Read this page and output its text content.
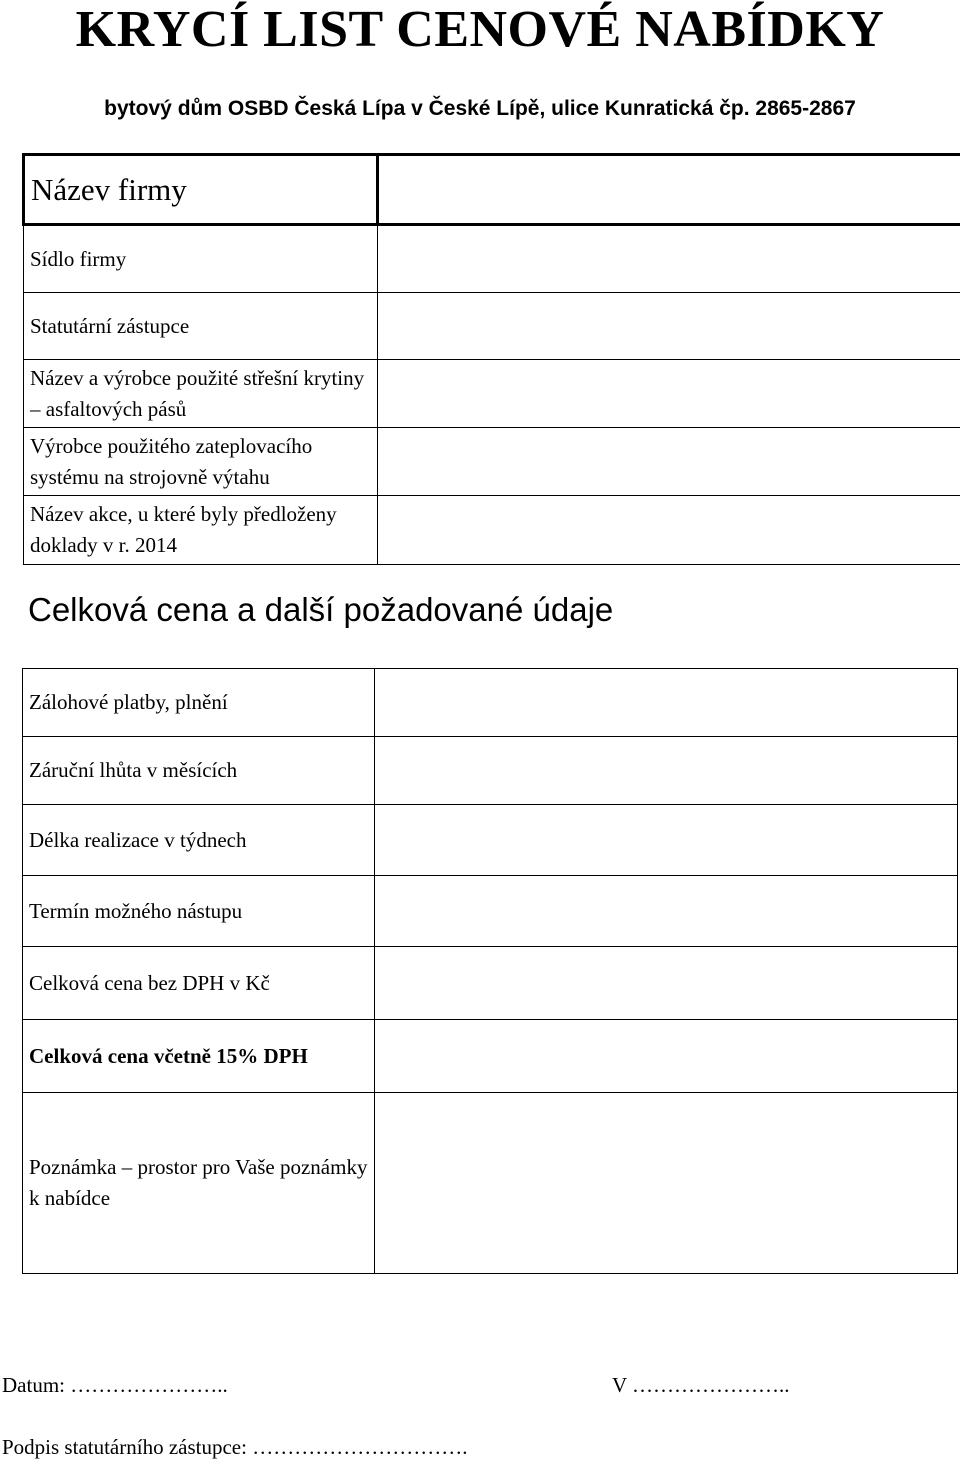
KRYCÍ LIST CENOVÉ NABÍDKY

bytový dům OSBD Česká Lípa v České Lípě, ulice Kunratická čp. 2865-2867

Název firmy	
Sídlo firmy	
Statutární zástupce	
Název a výrobce použité střešní krytiny – asfaltových pásů	
Výrobce použitého zateplovacího systému na strojovně výtahu	
Název akce, u které byly předloženy doklady v r. 2014	
Celková cena a další požadované údaje
Zálohové platby, plnění	
Záruční lhůta v měsících	
Délka realizace v týdnech	
Termín možného nástupu	
Celková cena bez DPH v Kč	
Celková cena včetně 15% DPH	
Poznámka – prostor pro Vaše poznámky k nabídce	
Datum: …………………..	V …………………..
Podpis statutárního zástupce: ………………………….
